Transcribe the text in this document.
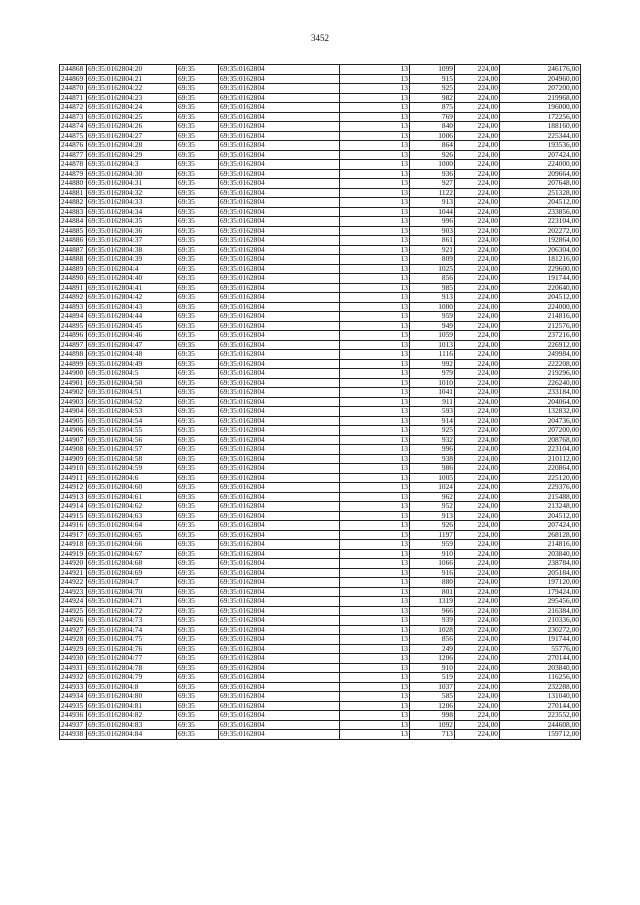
3452
244868	69:35:0162804:20	69:35	69:35:0162804	13	1099	224,00	246176,00
244869	69:35:0162804:21	69:35	69:35:0162804	13	915	224,00	204960,00
244870	69:35:0162804:22	69:35	69:35:0162804	13	925	224,00	207200,00
244871	69:35:0162804:23	69:35	69:35:0162804	13	982	224,00	219968,00
244872	69:35:0162804:24	69:35	69:35:0162804	13	875	224,00	196000,00
244873	69:35:0162804:25	69:35	69:35:0162804	13	769	224,00	172256,00
244874	69:35:0162804:26	69:35	69:35:0162804	13	840	224,00	188160,00
244875	69:35:0162804:27	69:35	69:35:0162804	13	1006	224,00	225344,00
244876	69:35:0162804:28	69:35	69:35:0162804	13	864	224,00	193536,00
244877	69:35:0162804:29	69:35	69:35:0162804	13	926	224,00	207424,00
244878	69:35:0162804:3	69:35	69:35:0162804	13	1000	224,00	224000,00
244879	69:35:0162804:30	69:35	69:35:0162804	13	936	224,00	209664,00
244880	69:35:0162804:31	69:35	69:35:0162804	13	927	224,00	207648,00
244881	69:35:0162804:32	69:35	69:35:0162804	13	1122	224,00	251328,00
244882	69:35:0162804:33	69:35	69:35:0162804	13	913	224,00	204512,00
244883	69:35:0162804:34	69:35	69:35:0162804	13	1044	224,00	233856,00
244884	69:35:0162804:35	69:35	69:35:0162804	13	996	224,00	223104,00
244885	69:35:0162804:36	69:35	69:35:0162804	13	903	224,00	202272,00
244886	69:35:0162804:37	69:35	69:35:0162804	13	861	224,00	192864,00
244887	69:35:0162804:38	69:35	69:35:0162804	13	921	224,00	206304,00
244888	69:35:0162804:39	69:35	69:35:0162804	13	809	224,00	181216,00
244889	69:35:0162804:4	69:35	69:35:0162804	13	1025	224,00	229600,00
244890	69:35:0162804:40	69:35	69:35:0162804	13	856	224,00	191744,00
244891	69:35:0162804:41	69:35	69:35:0162804	13	985	224,00	220640,00
244892	69:35:0162804:42	69:35	69:35:0162804	13	913	224,00	204512,00
244893	69:35:0162804:43	69:35	69:35:0162804	13	1000	224,00	224000,00
244894	69:35:0162804:44	69:35	69:35:0162804	13	959	224,00	214816,00
244895	69:35:0162804:45	69:35	69:35:0162804	13	949	224,00	212576,00
244896	69:35:0162804:46	69:35	69:35:0162804	13	1059	224,00	237216,00
244897	69:35:0162804:47	69:35	69:35:0162804	13	1013	224,00	226912,00
244898	69:35:0162804:48	69:35	69:35:0162804	13	1116	224,00	249984,00
244899	69:35:0162804:49	69:35	69:35:0162804	13	992	224,00	222208,00
244900	69:35:0162804:5	69:35	69:35:0162804	13	979	224,00	219296,00
244901	69:35:0162804:50	69:35	69:35:0162804	13	1010	224,00	226240,00
244902	69:35:0162804:51	69:35	69:35:0162804	13	1041	224,00	233184,00
244903	69:35:0162804:52	69:35	69:35:0162804	13	911	224,00	204064,00
244904	69:35:0162804:53	69:35	69:35:0162804	13	593	224,00	132832,00
244905	69:35:0162804:54	69:35	69:35:0162804	13	914	224,00	204736,00
244906	69:35:0162804:55	69:35	69:35:0162804	13	925	224,00	207200,00
244907	69:35:0162804:56	69:35	69:35:0162804	13	932	224,00	208768,00
244908	69:35:0162804:57	69:35	69:35:0162804	13	996	224,00	223104,00
244909	69:35:0162804:58	69:35	69:35:0162804	13	938	224,00	210112,00
244910	69:35:0162804:59	69:35	69:35:0162804	13	986	224,00	220864,00
244911	69:35:0162804:6	69:35	69:35:0162804	13	1005	224,00	225120,00
244912	69:35:0162804:60	69:35	69:35:0162804	13	1024	224,00	229376,00
244913	69:35:0162804:61	69:35	69:35:0162804	13	962	224,00	215488,00
244914	69:35:0162804:62	69:35	69:35:0162804	13	952	224,00	213248,00
244915	69:35:0162804:63	69:35	69:35:0162804	13	913	224,00	204512,00
244916	69:35:0162804:64	69:35	69:35:0162804	13	926	224,00	207424,00
244917	69:35:0162804:65	69:35	69:35:0162804	13	1197	224,00	268128,00
244918	69:35:0162804:66	69:35	69:35:0162804	13	959	224,00	214816,00
244919	69:35:0162804:67	69:35	69:35:0162804	13	910	224,00	203840,00
244920	69:35:0162804:68	69:35	69:35:0162804	13	1066	224,00	238784,00
244921	69:35:0162804:69	69:35	69:35:0162804	13	916	224,00	205184,00
244922	69:35:0162804:7	69:35	69:35:0162804	13	880	224,00	197120,00
244923	69:35:0162804:70	69:35	69:35:0162804	13	801	224,00	179424,00
244924	69:35:0162804:71	69:35	69:35:0162804	13	1319	224,00	295456,00
244925	69:35:0162804:72	69:35	69:35:0162804	13	966	224,00	216384,00
244926	69:35:0162804:73	69:35	69:35:0162804	13	939	224,00	210336,00
244927	69:35:0162804:74	69:35	69:35:0162804	13	1028	224,00	230272,00
244928	69:35:0162804:75	69:35	69:35:0162804	13	856	224,00	191744,00
244929	69:35:0162804:76	69:35	69:35:0162804	13	249	224,00	55776,00
244930	69:35:0162804:77	69:35	69:35:0162804	13	1206	224,00	270144,00
244931	69:35:0162804:78	69:35	69:35:0162804	13	910	224,00	203840,00
244932	69:35:0162804:79	69:35	69:35:0162804	13	519	224,00	116256,00
244933	69:35:0162804:8	69:35	69:35:0162804	13	1037	224,00	232288,00
244934	69:35:0162804:80	69:35	69:35:0162804	13	585	224,00	131040,00
244935	69:35:0162804:81	69:35	69:35:0162804	13	1206	224,00	270144,00
244936	69:35:0162804:82	69:35	69:35:0162804	13	998	224,00	223552,00
244937	69:35:0162804:83	69:35	69:35:0162804	13	1092	224,00	244608,00
244938	69:35:0162804:84	69:35	69:35:0162804	13	713	224,00	159712,00
